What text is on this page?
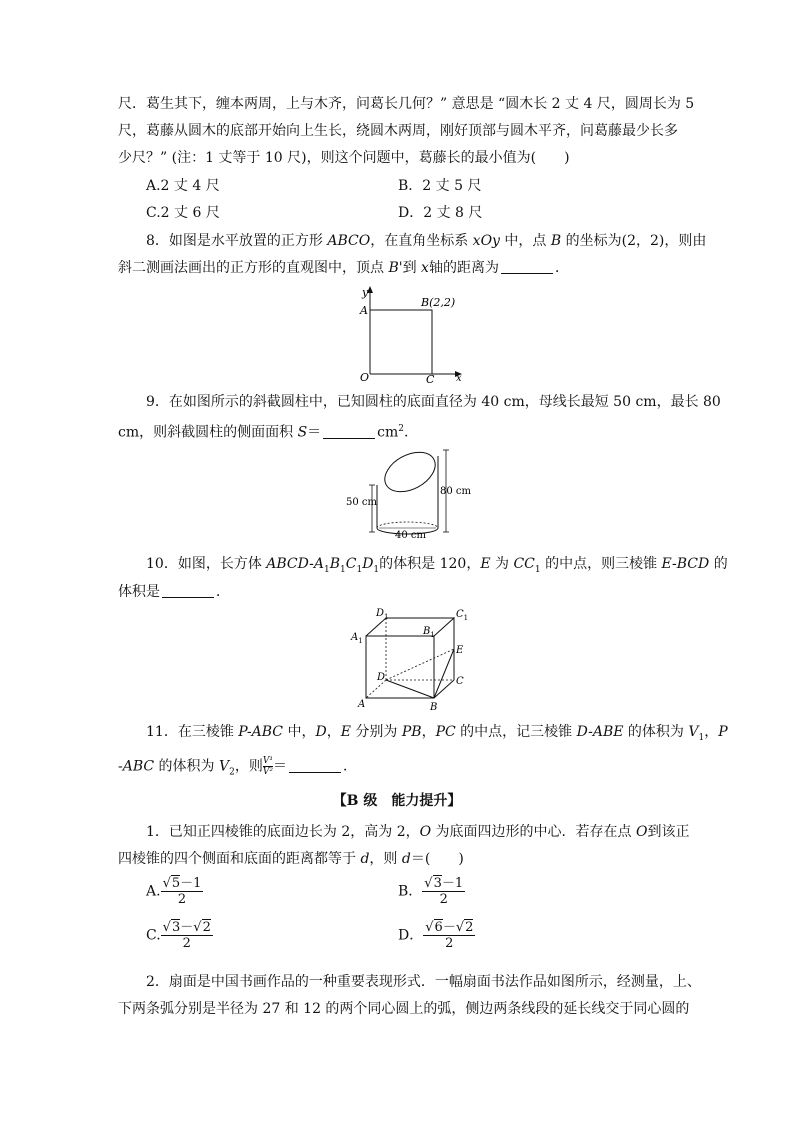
尺．葛生其下，缠本两周，上与木齐，问葛长几何？” 意思是 “圆木长 2 丈 4 尺，圆周长为 5
尺，葛藤从圆木的底部开始向上生长，绕圆木两周，刚好顶部与圆木平齐，问葛藤最少长多
少尺？” (注：1 丈等于 10 尺)，则这个问题中，葛藤长的最小值为( )
A.2 丈 4 尺	B．2 丈 5 尺
C.2 丈 6 尺	D．2 丈 8 尺
8．如图是水平放置的正方形 ABCO，在直角坐标系 xOy 中，点 B 的坐标为(2，2)，则由
斜二测画法画出的正方形的直观图中，顶点 B'到 x轴的距离为	．
y
A
B(2,2)
O	C x
9．在如图所示的斜截圆柱中，已知圆柱的底面直径为 40 cm，母线长最短 50 cm，最长 80
cm，则斜截圆柱的侧面面积 S＝	$cm^2$.
50 cm
80 cm
40 cm
10．如图，长方体 ABCD-$A_1B_1C_1D_1$的体积是 120，E 为 $CC_1$ 的中点，则三棱锥 E-BCD 的
体积是	．
$D_1$	$C_1$
$A_1$
$B_1$
D
E
C
A	B
11．在三棱锥 P-ABC 中，D，E 分别为 PB，PC 的中点，记三棱锥 D-ABE 的体积为 $V_1$，P
-ABC 的体积为 $V_2$，则 $\frac{\text{V¹}}{\text{V²}}=$	．
【B 级　能力提升】
1．已知正四棱锥的底面边长为 2，高为 2，O 为底面四边形的中心．若存在点 O到该正
四棱锥的四个侧面和底面的距离都等于 d，则 d＝( )
A. $\frac{√5-1}{2}$	B． $\frac{√3-1}{2}$
C. $\frac{√3-√2}{2}$	D． $\frac{√6-√2}{2}$
2．扇面是中国书画作品的一种重要表现形式．一幅扇面书法作品如图所示，经测量，上、
下两条弧分别是半径为 27 和 12 的两个同心圆上的弧，侧边两条线段的延长线交于同心圆的
